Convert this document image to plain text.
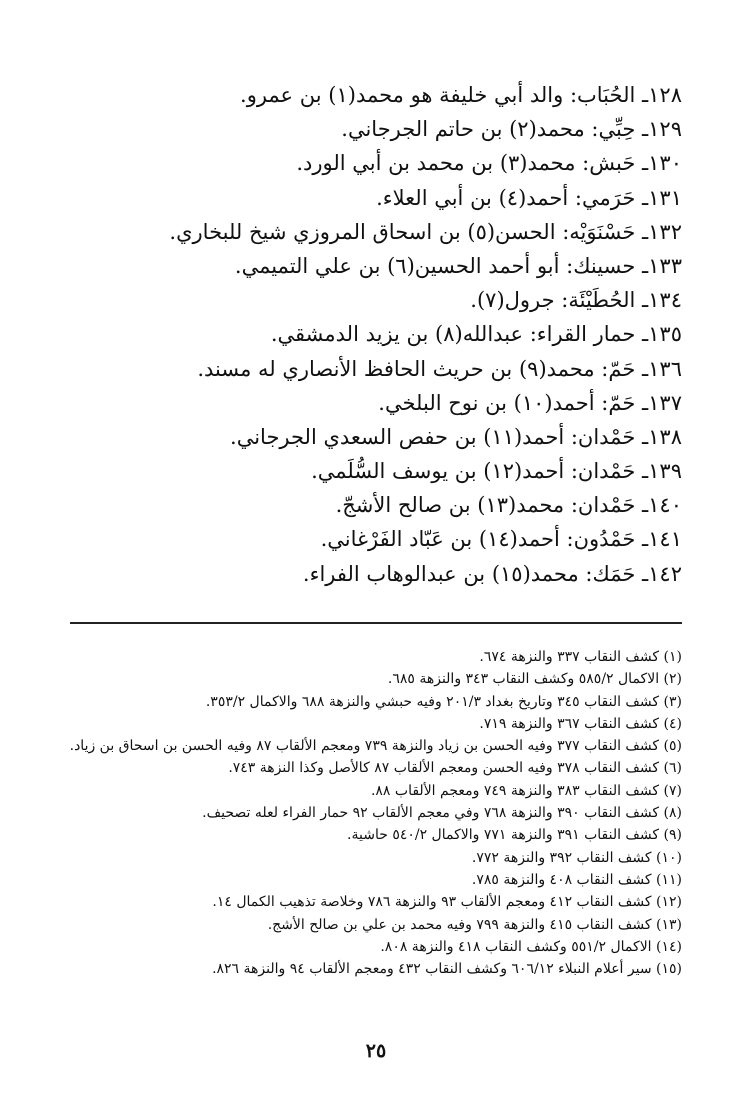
١٢٨ـ الحُبَاب: والد أبي خليفة هو محمد(١) بن عمرو.
١٢٩ـ حِبِّي: محمد(٢) بن حاتم الجرجاني.
١٣٠ـ حَبش: محمد(٣) بن محمد بن أبي الورد.
١٣١ـ حَرَمي: أحمد(٤) بن أبي العلاء.
١٣٢ـ حَسْنَوَيْه: الحسن(٥) بن اسحاق المروزي شيخ للبخاري.
١٣٣ـ حسينك: أبو أحمد الحسين(٦) بن علي التميمي.
١٣٤ـ الحُطَيْئَة: جرول(٧).
١٣٥ـ حمار القراء: عبدالله(٨) بن يزيد الدمشقي.
١٣٦ـ حَمّ: محمد(٩) بن حريث الحافظ الأنصاري له مسند.
١٣٧ـ حَمّ: أحمد(١٠) بن نوح البلخي.
١٣٨ـ حَمْدان: أحمد(١١) بن حفص السعدي الجرجاني.
١٣٩ـ حَمْدان: أحمد(١٢) بن يوسف السُّلَمي.
١٤٠ـ حَمْدان: محمد(١٣) بن صالح الأشجّ.
١٤١ـ حَمْدُون: أحمد(١٤) بن عَبّاد الفَرْغاني.
١٤٢ـ حَمَك: محمد(١٥) بن عبدالوهاب الفراء.
(١) كشف النقاب ٣٣٧ والنزهة ٦٧٤.
(٢) الاكمال ٥٨٥/٢ وكشف النقاب ٣٤٣ والنزهة ٦٨٥.
(٣) كشف النقاب ٣٤٥ وتاريخ بغداد ٢٠١/٣ وفيه حبشي والنزهة ٦٨٨ والاكمال ٣٥٣/٢.
(٤) كشف النقاب ٣٦٧ والنزهة ٧١٩.
(٥) كشف النقاب ٣٧٧ وفيه الحسن بن زياد والنزهة ٧٣٩ ومعجم الألقاب ٨٧ وفيه الحسن بن اسحاق بن زياد.
(٦) كشف النقاب ٣٧٨ وفيه الحسن ومعجم الألقاب ٨٧ كالأصل وكذا النزهة ٧٤٣.
(٧) كشف النقاب ٣٨٣ والنزهة ٧٤٩ ومعجم الألقاب ٨٨.
(٨) كشف النقاب ٣٩٠ والنزهة ٧٦٨ وفي معجم الألقاب ٩٢ حمار الفراء لعله تصحيف.
(٩) كشف النقاب ٣٩١ والنزهة ٧٧١ والاكمال ٥٤٠/٢ حاشية.
(١٠) كشف النقاب ٣٩٢ والنزهة ٧٧٢.
(١١) كشف النقاب ٤٠٨ والنزهة ٧٨٥.
(١٢) كشف النقاب ٤١٢ ومعجم الألقاب ٩٣ والنزهة ٧٨٦ وخلاصة تذهيب الكمال ١٤.
(١٣) كشف النقاب ٤١٥ والنزهة ٧٩٩ وفيه محمد بن علي بن صالح الأشج.
(١٤) الاكمال ٥٥١/٢ وكشف النقاب ٤١٨ والنزهة ٨٠٨.
(١٥) سير أعلام النبلاء ٦٠٦/١٢ وكشف النقاب ٤٣٢ ومعجم الألقاب ٩٤ والنزهة ٨٢٦.
٢٥
